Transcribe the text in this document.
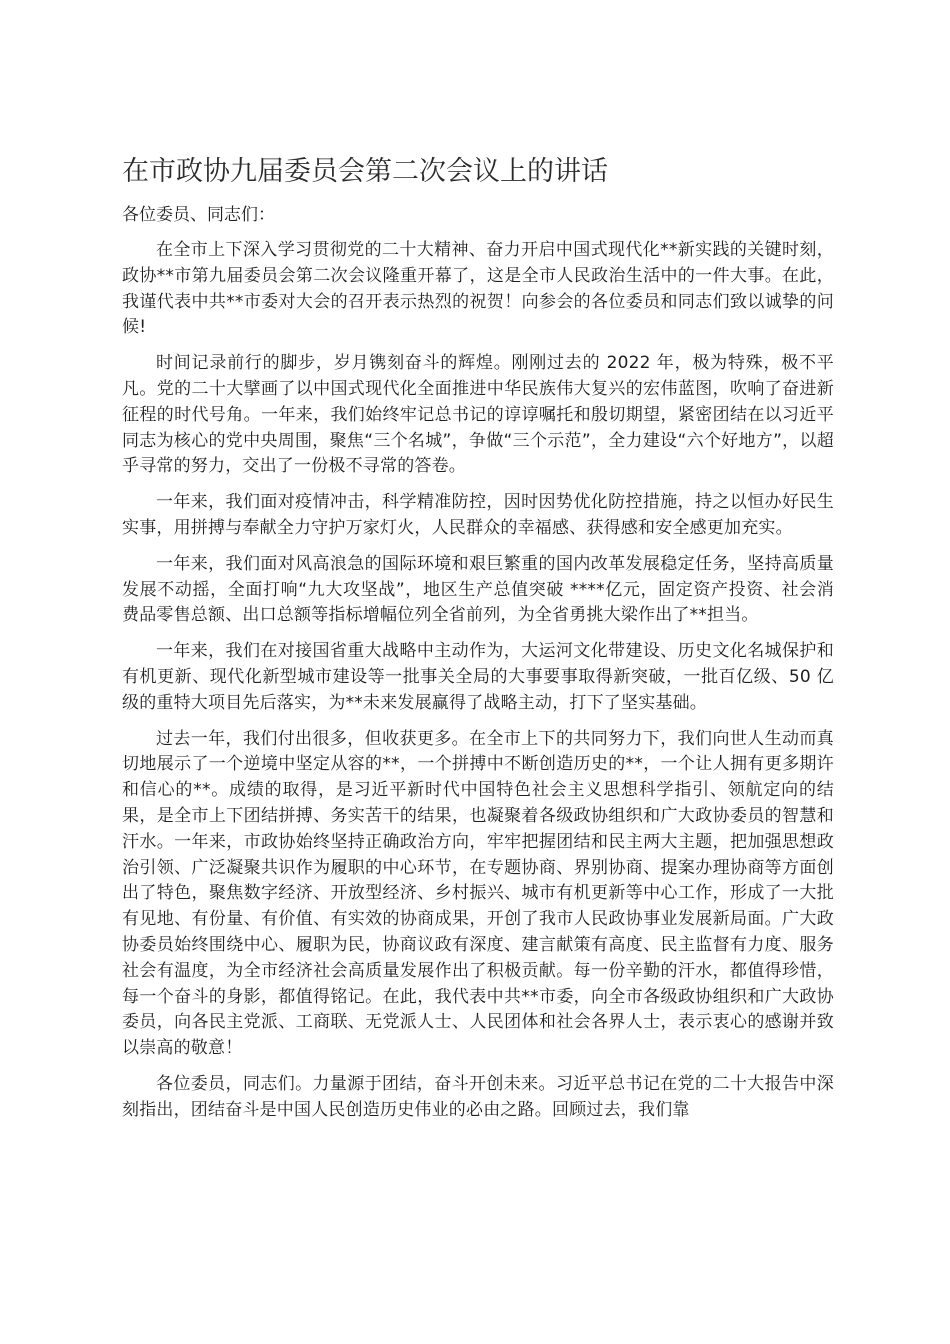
在市政协九届委员会第二次会议上的讲话

各位委员、同志们：

在全市上下深入学习贯彻党的二十大精神、奋力开启中国式现代化**新实践的关键时刻，政协**市第九届委员会第二次会议隆重开幕了，这是全市人民政治生活中的一件大事。在此，我谨代表中共**市委对大会的召开表示热烈的祝贺！向参会的各位委员和同志们致以诚挚的问候!

时间记录前行的脚步，岁月镌刻奋斗的辉煌。刚刚过去的 2022 年，极为特殊，极不平凡。党的二十大擘画了以中国式现代化全面推进中华民族伟大复兴的宏伟蓝图，吹响了奋进新征程的时代号角。一年来，我们始终牢记总书记的谆谆嘱托和殷切期望，紧密团结在以习近平同志为核心的党中央周围，聚焦“三个名城”，争做“三个示范”，全力建设“六个好地方”，以超乎寻常的努力，交出了一份极不寻常的答卷。

一年来，我们面对疫情冲击，科学精准防控，因时因势优化防控措施，持之以恒办好民生实事，用拼搏与奉献全力守护万家灯火，人民群众的幸福感、获得感和安全感更加充实。

一年来，我们面对风高浪急的国际环境和艰巨繁重的国内改革发展稳定任务，坚持高质量发展不动摇，全面打响“九大攻坚战”，地区生产总值突破 ****亿元，固定资产投资、社会消费品零售总额、出口总额等指标增幅位列全省前列，为全省勇挑大梁作出了**担当。

一年来，我们在对接国省重大战略中主动作为，大运河文化带建设、历史文化名城保护和有机更新、现代化新型城市建设等一批事关全局的大事要事取得新突破，一批百亿级、50 亿级的重特大项目先后落实，为**未来发展赢得了战略主动，打下了坚实基础。

过去一年，我们付出很多，但收获更多。在全市上下的共同努力下，我们向世人生动而真切地展示了一个逆境中坚定从容的**，一个拼搏中不断创造历史的**，一个让人拥有更多期许和信心的**。成绩的取得，是习近平新时代中国特色社会主义思想科学指引、领航定向的结果，是全市上下团结拼搏、务实苦干的结果，也凝聚着各级政协组织和广大政协委员的智慧和汗水。一年来，市政协始终坚持正确政治方向，牢牢把握团结和民主两大主题，把加强思想政治引领、广泛凝聚共识作为履职的中心环节，在专题协商、界别协商、提案办理协商等方面创出了特色，聚焦数字经济、开放型经济、乡村振兴、城市有机更新等中心工作，形成了一大批有见地、有份量、有价值、有实效的协商成果，开创了我市人民政协事业发展新局面。广大政协委员始终围绕中心、履职为民，协商议政有深度、建言献策有高度、民主监督有力度、服务社会有温度，为全市经济社会高质量发展作出了积极贡献。每一份辛勤的汗水，都值得珍惜，每一个奋斗的身影，都值得铭记。在此，我代表中共**市委，向全市各级政协组织和广大政协委员，向各民主党派、工商联、无党派人士、人民团体和社会各界人士，表示衷心的感谢并致以崇高的敬意！

各位委员，同志们。力量源于团结，奋斗开创未来。习近平总书记在党的二十大报告中深刻指出，团结奋斗是中国人民创造历史伟业的必由之路。回顾过去，我们靠
